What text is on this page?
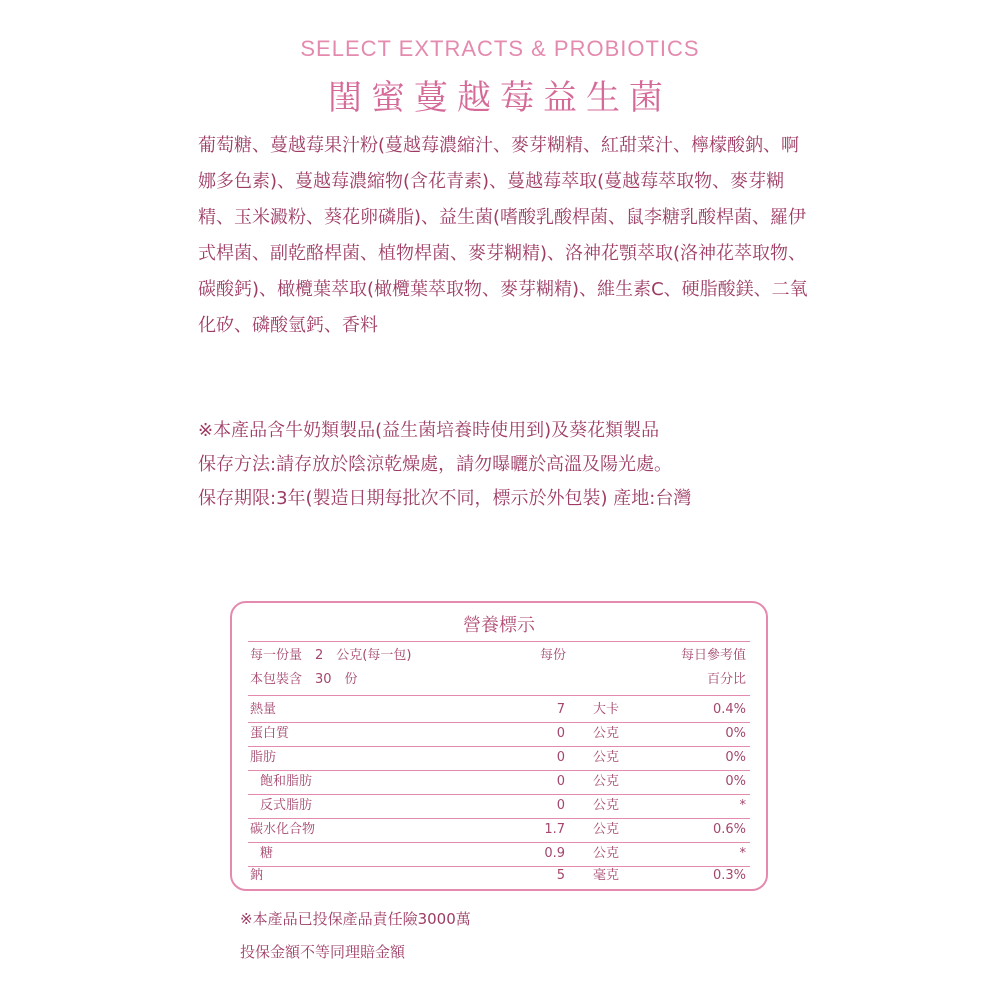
SELECT EXTRACTS & PROBIOTICS
閨蜜蔓越莓益生菌
葡萄糖、蔓越莓果汁粉(蔓越莓濃縮汁、麥芽糊精、紅甜菜汁、檸檬酸鈉、啊娜多色素)、蔓越莓濃縮物(含花青素)、蔓越莓萃取(蔓越莓萃取物、麥芽糊精、玉米澱粉、葵花卵磷脂)、益生菌(嗜酸乳酸桿菌、鼠李糖乳酸桿菌、羅伊式桿菌、副乾酪桿菌、植物桿菌、麥芽糊精)、洛神花顎萃取(洛神花萃取物、碳酸鈣)、橄欖葉萃取(橄欖葉萃取物、麥芽糊精)、維生素C、硬脂酸鎂、二氧化矽、磷酸氫鈣、香料
※本產品含牛奶類製品(益生菌培養時使用到)及葵花類製品
保存方法:請存放於陰涼乾燥處，請勿曝曬於高溫及陽光處。
保存期限:3年(製造日期每批次不同，標示於外包裝) 產地:台灣
營養標示
每一份量　2　公克(每一包)	每份	每日參考值
本包裝含　30　份	百分比
熱量	7 大卡	0.4%
蛋白質	0 公克	0%
脂肪	0 公克	0%
飽和脂肪	0 公克	0%
反式脂肪	0 公克	*
碳水化合物	1.7 公克	0.6%
糖	0.9 公克	*
鈉	5 毫克	0.3%
※本產品已投保產品責任險3000萬
投保金額不等同理賠金額
